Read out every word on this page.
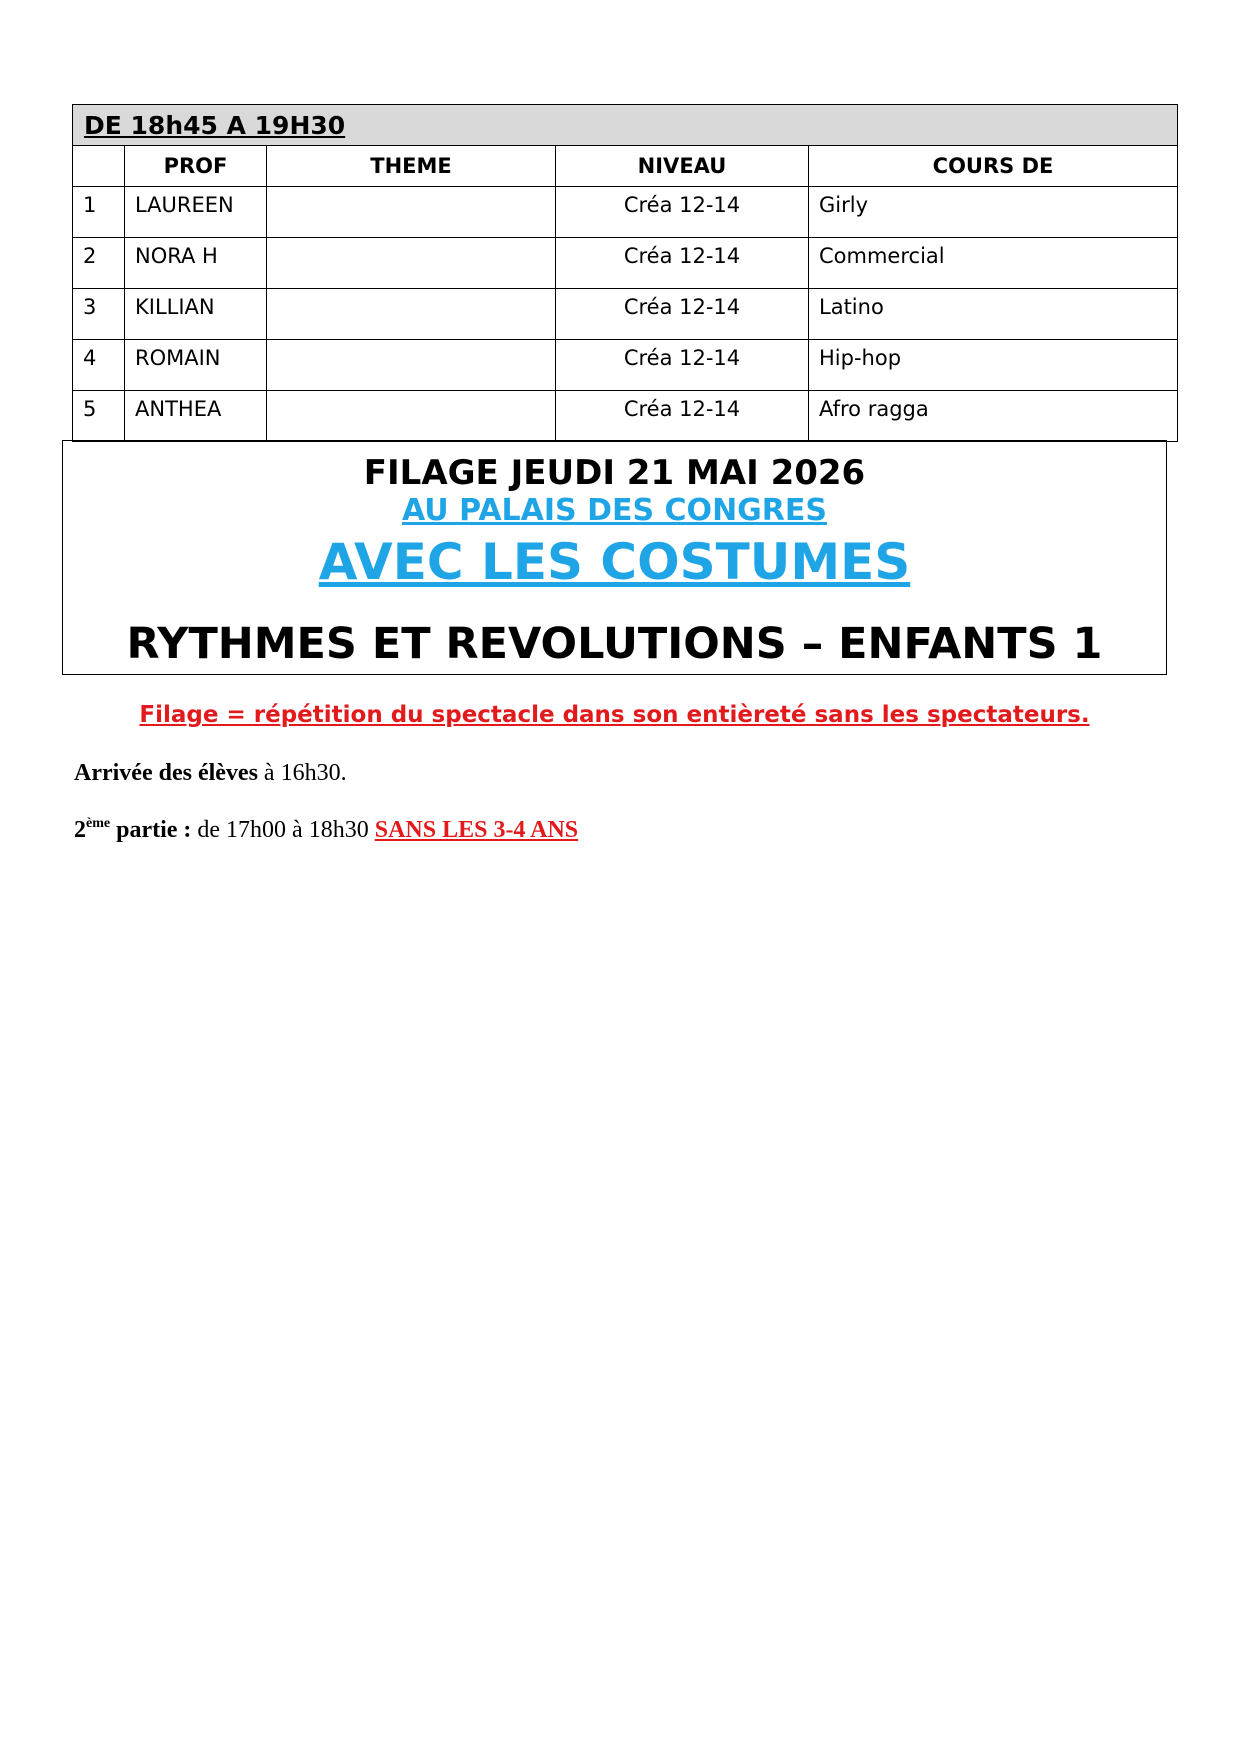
DE 18h45 A 19H30				
	PROF	THEME	NIVEAU	COURS DE
1	LAUREEN		Créa 12-14	Girly
2	NORA H		Créa 12-14	Commercial
3	KILLIAN		Créa 12-14	Latino
4	ROMAIN		Créa 12-14	Hip-hop
5	ANTHEA		Créa 12-14	Afro ragga
FILAGE JEUDI 21 MAI 2026
AU PALAIS DES CONGRES
AVEC LES COSTUMES
RYTHMES ET REVOLUTIONS – ENFANTS 1
Filage = répétition du spectacle dans son entièreté sans les spectateurs.
Arrivée des élèves à 16h30.
2ème partie : de 17h00 à 18h30 SANS LES 3-4 ANS
